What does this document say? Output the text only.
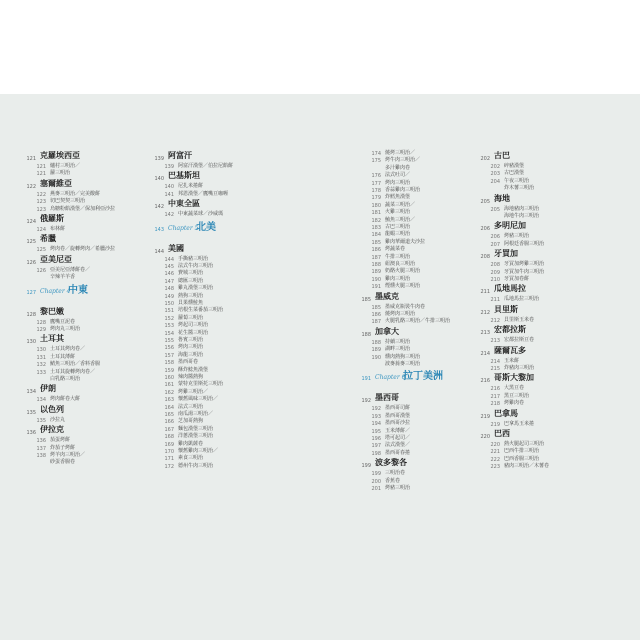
121 克羅埃西亞
121 爐村三明治／
121 蘿三明治
122 塞爾維亞
122 燕麥三明治／完美酸餅
123 切巴契契三明治
123 烏糖粉餡漢堡／保加利亞沙拉
124 俄羅斯
124 布林餅
125 希臘
125 烤肉卷／旋轉烤肉／希臘沙拉
126 亞美尼亞
126 亞美尼亞薄餅卷／
辛辣羊羊香
127 Chapter 4
中東
128 黎巴嫩
128 鷹嘴豆泥卷
129 烤肉丸三明治
130 土耳其
130 土耳其烤肉卷／
131 土耳其薄餅
132 鯖魚三明治／香料香腸
133 土耳其旋轉烤肉卷／
白乳酪三明治
134 伊朗
134 烤肉餅卷大餅
135 以色列
135 沙拉丸
136 伊拉克
136 茄蛋烤餅
137 炸茄子烤餅
138 烤羊肉三明治／
砂蛋香腸卷
139 阿富汗
139 阿富汗漢堡／伯拉尼餡餅
140 巴基斯坦
140 尼扎米捲餅
141 邦恩漢堡／鷹嘴豆咖喱
142 中東全區
142 中東蔬菜球／沙威瑪
143 Chapter 5
北美
144 美國
144 手撕豬三明治
145 法式牛肉三明治
146 費城三明治
147 總匯三明治
148 雞丸漢堡三明治
149 熱狗三明治
150 貝果燻鮭魚
151 培根生菜番茄三明治
152 蘿蔔三明治
153 烤起司三明治
154 花生醬三明治
155 魯賓三明治
156 烤肉三明治
157 海龍三明治
158 墨西哥卷
159 酥炸鯰魚漢堡
160 辣肉醬熱狗
161 蒙特克里斯托三明治
162 烤雞三明治／
163 懷舊風味三明治／
164 法式三明治
165 南瓜湯三明治／
166 芝加哥熱狗
167 麵包漢堡三明治
168 洋蔥漢堡三明治
169 雞肉凱薩卷
170 懷舊雞肉三明治／
171 素食三明治
172 德州牛肉三明治
174 燒烤三明治／
175 烤牛肉三明治／
多汁雞肉卷
176 法式吐司／
177 烤肉三明治
178 香蒜雞肉三明治
179 炸鱈魚漢堡
180 蔬菜三明治／
181 火雞三明治
182 鮪魚三明治／
183 古巴三明治
184 龍蝦三明治
185 雞肉華爾道夫沙拉
186 烤蔬菜卷
187 牛排三明治
188 紐澳良三明治
189 奶酪火腿三明治
190 雞肉三明治
191 煙燻火腿三明治
185 墨威克
185 墨威克瓶裝牛肉卷
186 燒烤肉三明治
187 火腿乳酪三明治／牛排三明治
188 加拿大
188 持續三明治
189 湖畔三明治
190 燻肉熱狗三明治
波麥蕎麥三明治
191 Chapter 6
拉丁美洲
192 墨西哥
192 墨西哥司餅
193 墨西哥漢堡
194 墨西哥沙拉
195 玉米薄餅／
196 塔可起司／
197 法式漢堡／
198 墨西哥春捲
199 波多黎各
199 三明治卷
200 香蕉卷
201 烤豬三明治
202 古巴
202 碎豬漢堡
203 古巴漢堡
204 午夜三明治
炸木薯三明治
205 海地
205 海地豬肉三明治
海地牛肉三明治
206 多明尼加
206 烤豬三明治
207 阿根廷香腸三明治
208 牙買加
208 牙買加烤雞三明治
209 牙買加牛肉三明治
210 牙買加卷餅
211 瓜地馬拉
211 瓜地馬拉三明治
212 貝里斯
212 貝里斯玉米卷
213 宏都拉斯
213 宏都拉斯豆卷
214 薩爾瓦多
214 玉米餅
215 炸豬肉三明治
216 哥斯大黎加
216 大黑豆卷
217 黑豆三明治
218 烤雞肉卷
219 巴拿馬
219 巴拿馬玉米捲
220 巴西
220 熱火腿起司三明治
221 巴西牛排三明治
222 巴西香腸三明治
223 豬肉三明治／木薯卷
